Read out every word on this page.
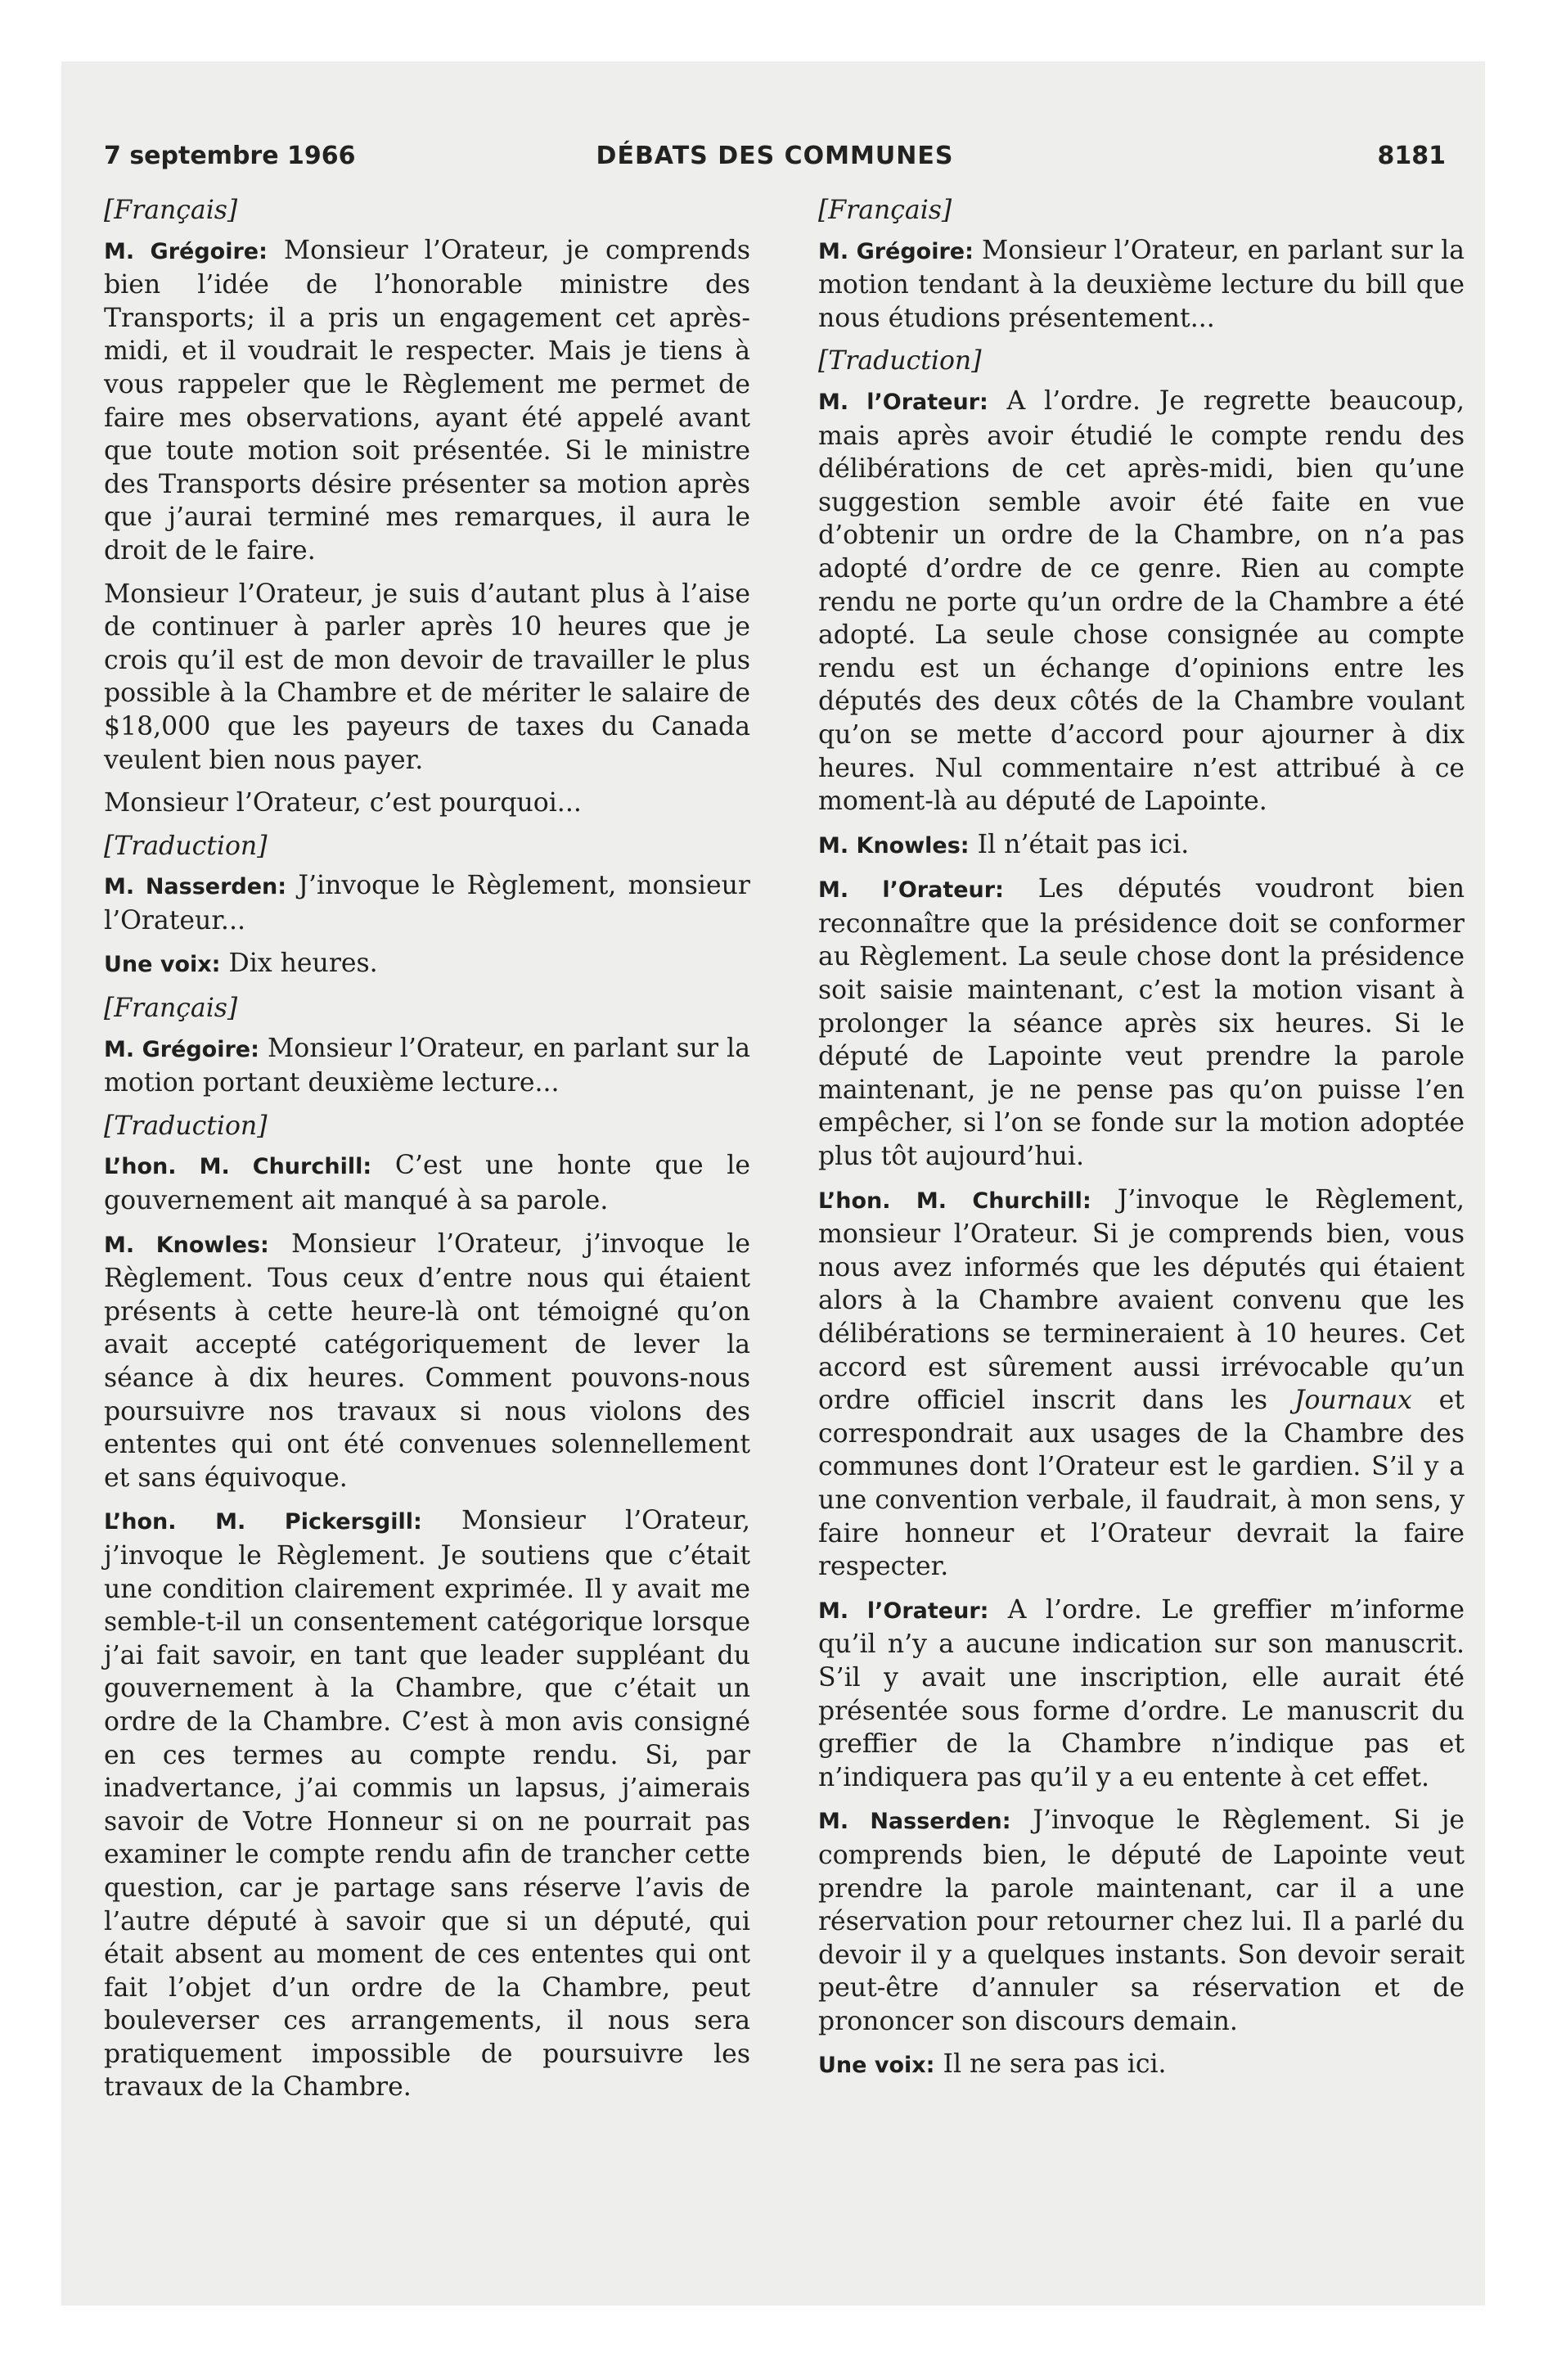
7 septembre 1966	DÉBATS DES COMMUNES	8181

[Français]

M. Grégoire: Monsieur l’Orateur, je comprends bien l’idée de l’honorable ministre des Transports; il a pris un engagement cet après-midi, et il voudrait le respecter. Mais je tiens à vous rappeler que le Règlement me permet de faire mes observations, ayant été appelé avant que toute motion soit présentée. Si le ministre des Transports désire présenter sa motion après que j’aurai terminé mes remarques, il aura le droit de le faire.

Monsieur l’Orateur, je suis d’autant plus à l’aise de continuer à parler après 10 heures que je crois qu’il est de mon devoir de travailler le plus possible à la Chambre et de mériter le salaire de $18,000 que les payeurs de taxes du Canada veulent bien nous payer.

Monsieur l’Orateur, c’est pourquoi...

[Traduction]

M. Nasserden: J’invoque le Règlement, monsieur l’Orateur...

Une voix: Dix heures.

[Français]

M. Grégoire: Monsieur l’Orateur, en parlant sur la motion portant deuxième lecture...

[Traduction]

L’hon. M. Churchill: C’est une honte que le gouvernement ait manqué à sa parole.

M. Knowles: Monsieur l’Orateur, j’invoque le Règlement. Tous ceux d’entre nous qui étaient présents à cette heure-là ont témoigné qu’on avait accepté catégoriquement de lever la séance à dix heures. Comment pouvons-nous poursuivre nos travaux si nous violons des ententes qui ont été convenues solennellement et sans équivoque.

L’hon. M. Pickersgill: Monsieur l’Orateur, j’invoque le Règlement. Je soutiens que c’était une condition clairement exprimée. Il y avait me semble-t-il un consentement catégorique lorsque j’ai fait savoir, en tant que leader suppléant du gouvernement à la Chambre, que c’était un ordre de la Chambre. C’est à mon avis consigné en ces termes au compte rendu. Si, par inadvertance, j’ai commis un lapsus, j’aimerais savoir de Votre Honneur si on ne pourrait pas examiner le compte rendu afin de trancher cette question, car je partage sans réserve l’avis de l’autre député à savoir que si un député, qui était absent au moment de ces ententes qui ont fait l’objet d’un ordre de la Chambre, peut bouleverser ces arrangements, il nous sera pratiquement impossible de poursuivre les travaux de la Chambre.

[Français]

M. Grégoire: Monsieur l’Orateur, en parlant sur la motion tendant à la deuxième lecture du bill que nous étudions présentement...

[Traduction]

M. l’Orateur: A l’ordre. Je regrette beaucoup, mais après avoir étudié le compte rendu des délibérations de cet après-midi, bien qu’une suggestion semble avoir été faite en vue d’obtenir un ordre de la Chambre, on n’a pas adopté d’ordre de ce genre. Rien au compte rendu ne porte qu’un ordre de la Chambre a été adopté. La seule chose consignée au compte rendu est un échange d’opinions entre les députés des deux côtés de la Chambre voulant qu’on se mette d’accord pour ajourner à dix heures. Nul commentaire n’est attribué à ce moment-là au député de Lapointe.

M. Knowles: Il n’était pas ici.

M. l’Orateur: Les députés voudront bien reconnaître que la présidence doit se conformer au Règlement. La seule chose dont la présidence soit saisie maintenant, c’est la motion visant à prolonger la séance après six heures. Si le député de Lapointe veut prendre la parole maintenant, je ne pense pas qu’on puisse l’en empêcher, si l’on se fonde sur la motion adoptée plus tôt aujourd’hui.

L’hon. M. Churchill: J’invoque le Règlement, monsieur l’Orateur. Si je comprends bien, vous nous avez informés que les députés qui étaient alors à la Chambre avaient convenu que les délibérations se termineraient à 10 heures. Cet accord est sûrement aussi irrévocable qu’un ordre officiel inscrit dans les Journaux et correspondrait aux usages de la Chambre des communes dont l’Orateur est le gardien. S’il y a une convention verbale, il faudrait, à mon sens, y faire honneur et l’Orateur devrait la faire respecter.

M. l’Orateur: A l’ordre. Le greffier m’informe qu’il n’y a aucune indication sur son manuscrit. S’il y avait une inscription, elle aurait été présentée sous forme d’ordre. Le manuscrit du greffier de la Chambre n’indique pas et n’indiquera pas qu’il y a eu entente à cet effet.

M. Nasserden: J’invoque le Règlement. Si je comprends bien, le député de Lapointe veut prendre la parole maintenant, car il a une réservation pour retourner chez lui. Il a parlé du devoir il y a quelques instants. Son devoir serait peut-être d’annuler sa réservation et de prononcer son discours demain.

Une voix: Il ne sera pas ici.
